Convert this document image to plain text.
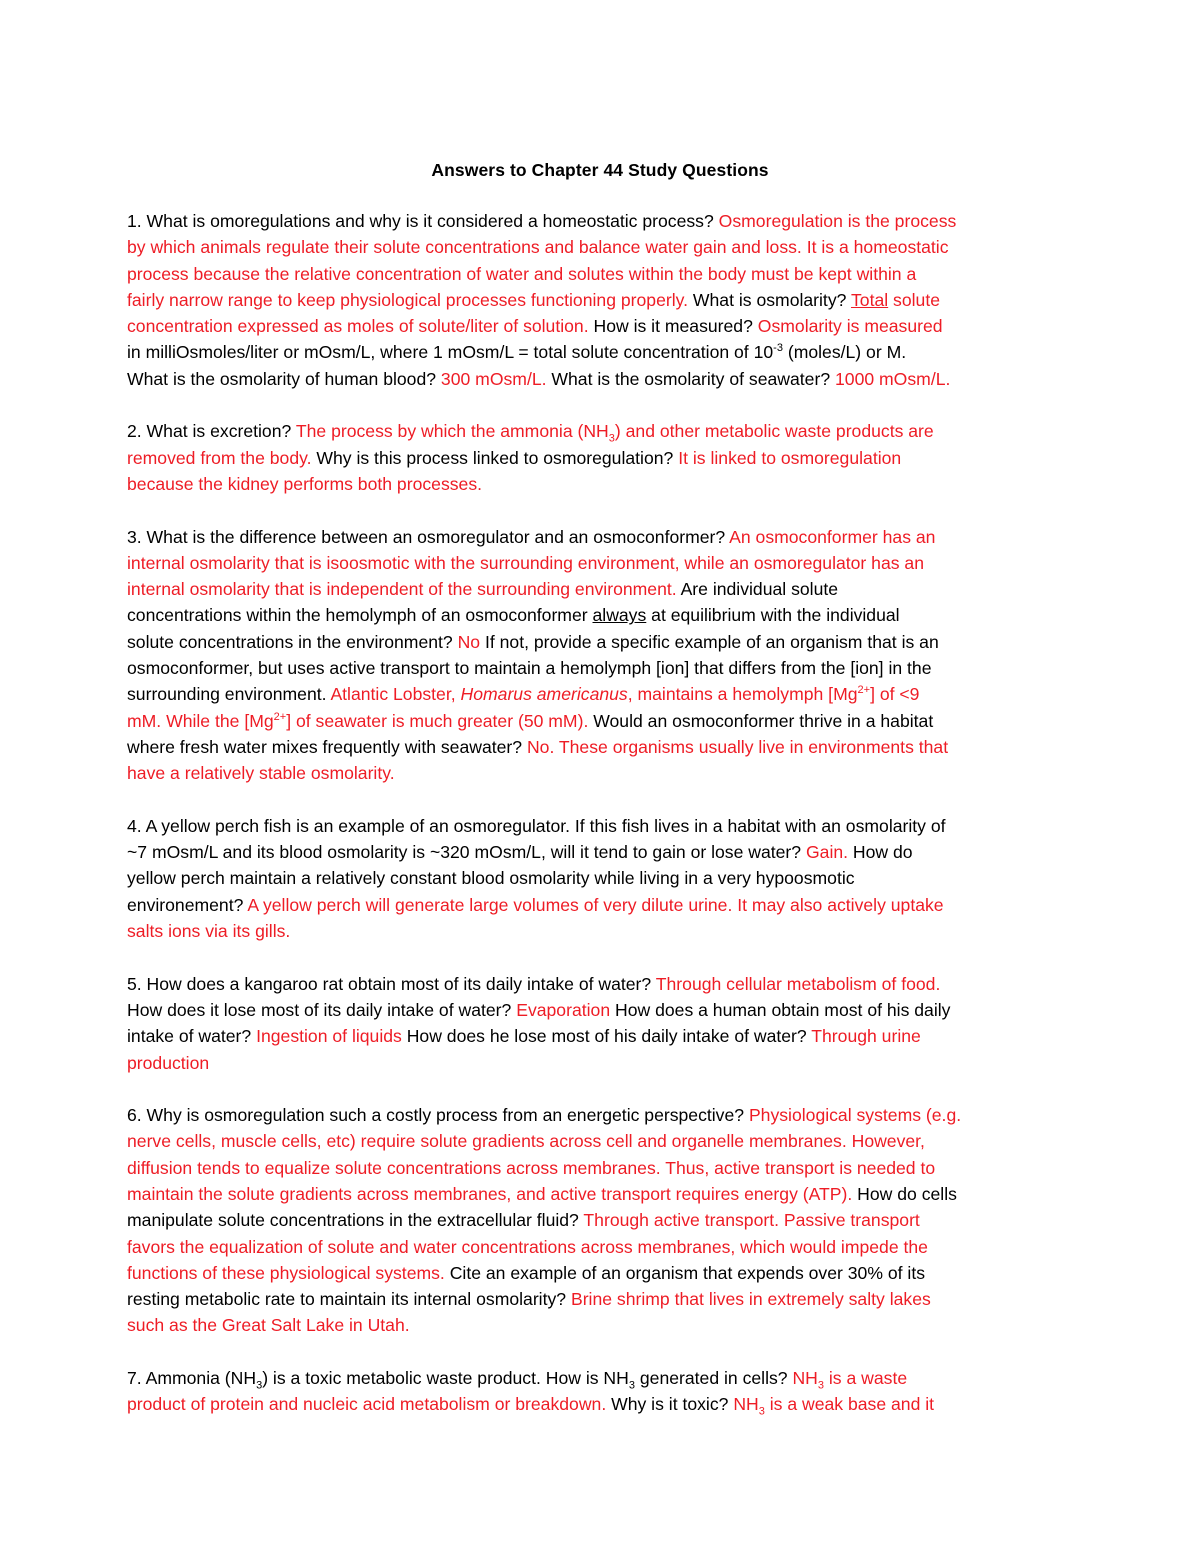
Answers to Chapter 44 Study Questions
1. What is omoregulations and why is it considered a homeostatic process? Osmoregulation is the process
by which animals regulate their solute concentrations and balance water gain and loss. It is a homeostatic
process because the relative concentration of water and solutes within the body must be kept within a
fairly narrow range to keep physiological processes functioning properly. What is osmolarity? Total solute
concentration expressed as moles of solute/liter of solution. How is it measured? Osmolarity is measured
in milliOsmoles/liter or mOsm/L, where 1 mOsm/L = total solute concentration of $10^{-3}$ (moles/L) or M.
What is the osmolarity of human blood? 300 mOsm/L. What is the osmolarity of seawater? 1000 mOsm/L.
2. What is excretion? The process by which the ammonia $(NH_3)$ and other metabolic waste products are
removed from the body. Why is this process linked to osmoregulation? It is linked to osmoregulation
because the kidney performs both processes.
3. What is the difference between an osmoregulator and an osmoconformer? An osmoconformer has an
internal osmolarity that is isoosmotic with the surrounding environment, while an osmoregulator has an
internal osmolarity that is independent of the surrounding environment. Are individual solute
concentrations within the hemolymph of an osmoconformer always at equilibrium with the individual
solute concentrations in the environment? No If not, provide a specific example of an organism that is an
osmoconformer, but uses active transport to maintain a hemolymph [ion] that differs from the [ion] in the
surrounding environment. Atlantic Lobster, Homarus americanus, maintains a hemolymph $[Mg^{2+}]$ of <9
mM. While the $[Mg^{2+}]$ of seawater is much greater (50 mM). Would an osmoconformer thrive in a habitat
where fresh water mixes frequently with seawater? No. These organisms usually live in environments that
have a relatively stable osmolarity.
4. A yellow perch fish is an example of an osmoregulator. If this fish lives in a habitat with an osmolarity of
~7 mOsm/L and its blood osmolarity is ~320 mOsm/L, will it tend to gain or lose water? Gain. How do
yellow perch maintain a relatively constant blood osmolarity while living in a very hypoosmotic
environement? A yellow perch will generate large volumes of very dilute urine. It may also actively uptake
salts ions via its gills.
5. How does a kangaroo rat obtain most of its daily intake of water? Through cellular metabolism of food.
How does it lose most of its daily intake of water? Evaporation How does a human obtain most of his daily
intake of water? Ingestion of liquids How does he lose most of his daily intake of water? Through urine
production
6. Why is osmoregulation such a costly process from an energetic perspective? Physiological systems (e.g.
nerve cells, muscle cells, etc) require solute gradients across cell and organelle membranes. However,
diffusion tends to equalize solute concentrations across membranes. Thus, active transport is needed to
maintain the solute gradients across membranes, and active transport requires energy (ATP). How do cells
manipulate solute concentrations in the extracellular fluid? Through active transport. Passive transport
favors the equalization of solute and water concentrations across membranes, which would impede the
functions of these physiological systems. Cite an example of an organism that expends over 30% of its
resting metabolic rate to maintain its internal osmolarity? Brine shrimp that lives in extremely salty lakes
such as the Great Salt Lake in Utah.
7. Ammonia $(NH_3)$ is a toxic metabolic waste product. How is $NH_3$ generated in cells? $NH_3$ is a waste
product of protein and nucleic acid metabolism or breakdown. Why is it toxic? $NH_3$ is a weak base and it
